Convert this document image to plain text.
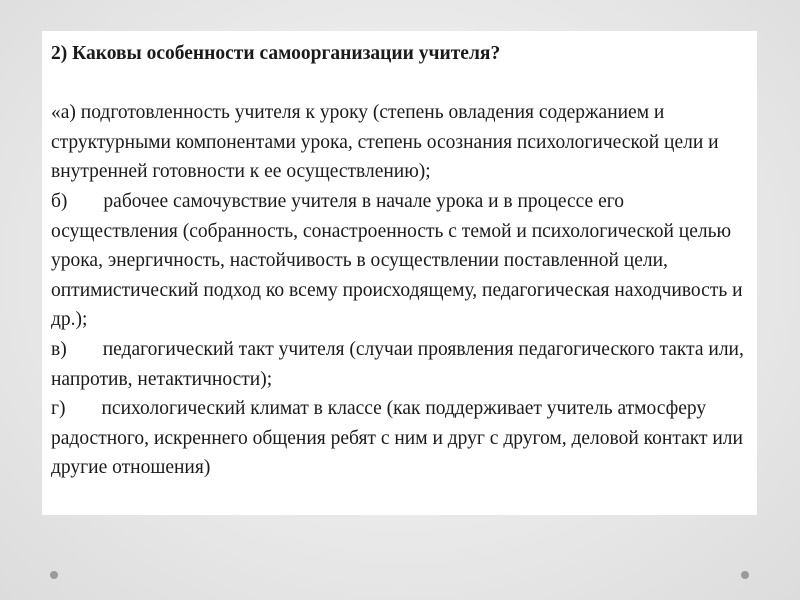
2) Каковы особенности самоорганизации учителя?

«а) подготовленность учителя к уроку (степень овладения содержанием и структурными компонентами урока, степень осознания психологической цели и внутренней готовности к ее осуществлению);

б) рабочее самочувствие учителя в начале урока и в процессе его осуществления (собранность, сонастроенность с темой и психологической целью урока, энергичность, настойчивость в осуществлении поставленной цели, оптимистический подход ко всему происходящему, педагогическая находчивость и др.);

в) педагогический такт учителя (случаи проявления педагогического такта или, напротив, нетактичности);

г) психологический климат в классе (как поддерживает учитель атмосферу радостного, искреннего общения ребят с ним и друг с другом, деловой контакт или другие отношения)
